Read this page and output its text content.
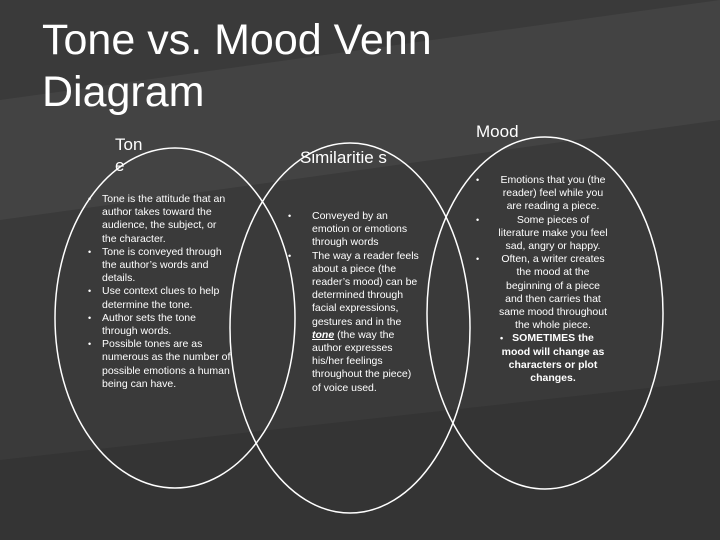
Tone vs. Mood Venn Diagram
Ton e	Similaritie s
Mood
• Tone is the attitude that an author takes toward the audience, the subject, or the character.
• Tone is conveyed through the author’s words and details.
• Use context clues to help determine the tone.
• Author sets the tone through words.
• Possible tones are as numerous as the number of possible emotions a human being can have.
• Conveyed by an emotion or emotions through words
• The way a reader feels about a piece (the reader’s mood) can be determined through facial expressions, gestures and in the tone (the way the author expresses his/her feelings throughout the piece) of voice used.
• Emotions that you (the reader) feel while you are reading a piece.
•	Some pieces of literature make you feel sad, angry or happy.
• Often, a writer creates the mood at the beginning of a piece and then carries that same mood throughout the whole piece.
• SOMETIMES the mood will change as characters or plot changes.
